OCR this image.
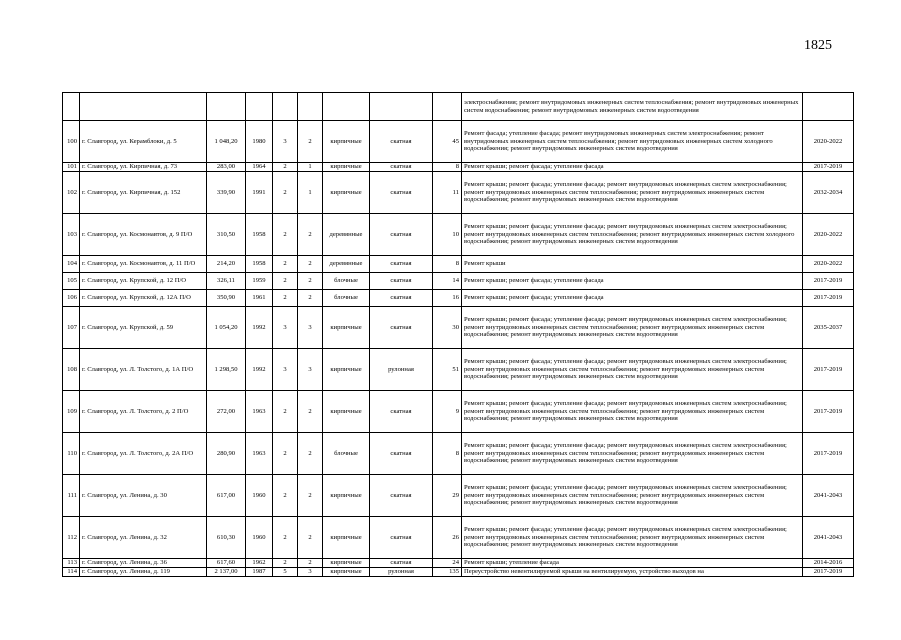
1825
									электроснабжения; ремонт внутридомовых инженерных систем теплоснабжения; ремонт внутридомовых инженерных систем водоснабжения; ремонт внутридомовых инженерных систем водоотведения	
100	г. Славгород, ул. Керамблоки, д. 5	1 048,20	1980	3	2	кирпичные	скатная	45	Ремонт фасада; утепление фасада; ремонт внутридомовых инженерных систем электроснабжения; ремонт внутридомовых инженерных систем теплоснабжения; ремонт внутридомовых инженерных систем холодного водоснабжения; ремонт внутридомовых инженерных систем водоотведения	2020-2022
101	г. Славгород, ул. Кирпичная, д. 73	283,00	1964	2	1	кирпичные	скатная	8	Ремонт крыши; ремонт фасада; утепление фасада	2017-2019
102	г. Славгород, ул. Кирпичная, д. 152	339,90	1991	2	1	кирпичные	скатная	11	Ремонт крыши; ремонт фасада; утепление фасада; ремонт внутридомовых инженерных систем электроснабжения; ремонт внутридомовых инженерных систем теплоснабжения; ремонт внутридомовых инженерных систем водоснабжения; ремонт внутридомовых инженерных систем водоотведения	2032-2034
103	г. Славгород, ул. Космонавтов, д. 9 П/О	310,50	1958	2	2	деревянные	скатная	10	Ремонт крыши; ремонт фасада; утепление фасада; ремонт внутридомовых инженерных систем электроснабжения; ремонт внутридомовых инженерных систем теплоснабжения; ремонт внутридомовых инженерных систем холодного водоснабжения; ремонт внутридомовых инженерных систем водоотведения	2020-2022
104	г. Славгород, ул. Космонавтов, д. 11 П/О	214,20	1958	2	2	деревянные	скатная	8	Ремонт крыши	2020-2022
105	г. Славгород, ул. Крупской, д. 12 П/О	326,11	1959	2	2	блочные	скатная	14	Ремонт крыши; ремонт фасада; утепление фасада	2017-2019
106	г. Славгород, ул. Крупской, д. 12А П/О	350,90	1961	2	2	блочные	скатная	16	Ремонт крыши; ремонт фасада; утепление фасада	2017-2019
107	г. Славгород, ул. Крупской, д. 59	1 054,20	1992	3	3	кирпичные	скатная	30	Ремонт крыши; ремонт фасада; утепление фасада; ремонт внутридомовых инженерных систем электроснабжения; ремонт внутридомовых инженерных систем теплоснабжения; ремонт внутридомовых инженерных систем водоснабжения; ремонт внутридомовых инженерных систем водоотведения	2035-2037
108	г. Славгород, ул. Л. Толстого, д. 1А П/О	1 298,50	1992	3	3	кирпичные	рулонная	51	Ремонт крыши; ремонт фасада; утепление фасада; ремонт внутридомовых инженерных систем электроснабжения; ремонт внутридомовых инженерных систем теплоснабжения; ремонт внутридомовых инженерных систем водоснабжения; ремонт внутридомовых инженерных систем водоотведения	2017-2019
109	г. Славгород, ул. Л. Толстого, д. 2 П/О	272,00	1963	2	2	кирпичные	скатная	9	Ремонт крыши; ремонт фасада; утепление фасада; ремонт внутридомовых инженерных систем электроснабжения; ремонт внутридомовых инженерных систем теплоснабжения; ремонт внутридомовых инженерных систем водоснабжения; ремонт внутридомовых инженерных систем водоотведения	2017-2019
110	г. Славгород, ул. Л. Толстого, д. 2А П/О	280,90	1963	2	2	блочные	скатная	8	Ремонт крыши; ремонт фасада; утепление фасада; ремонт внутридомовых инженерных систем электроснабжения; ремонт внутридомовых инженерных систем теплоснабжения; ремонт внутридомовых инженерных систем водоснабжения; ремонт внутридомовых инженерных систем водоотведения	2017-2019
111	г. Славгород, ул. Ленина, д. 30	617,00	1960	2	2	кирпичные	скатная	29	Ремонт крыши; ремонт фасада; утепление фасада; ремонт внутридомовых инженерных систем электроснабжения; ремонт внутридомовых инженерных систем теплоснабжения; ремонт внутридомовых инженерных систем водоснабжения; ремонт внутридомовых инженерных систем водоотведения	2041-2043
112	г. Славгород, ул. Ленина, д. 32	610,30	1960	2	2	кирпичные	скатная	26	Ремонт крыши; ремонт фасада; утепление фасада; ремонт внутридомовых инженерных систем электроснабжения; ремонт внутридомовых инженерных систем теплоснабжения; ремонт внутридомовых инженерных систем водоснабжения; ремонт внутридомовых инженерных систем водоотведения	2041-2043
113	г. Славгород, ул. Ленина, д. 36	617,60	1962	2	2	кирпичные	скатная	24	Ремонт крыши; утепление фасада	2014-2016
114	г. Славгород, ул. Ленина, д. 119	2 137,00	1987	5	3	кирпичные	рулонная	135	Переустройство невентилируемой крыши на вентилируемую, устройство выходов на	2017-2019
